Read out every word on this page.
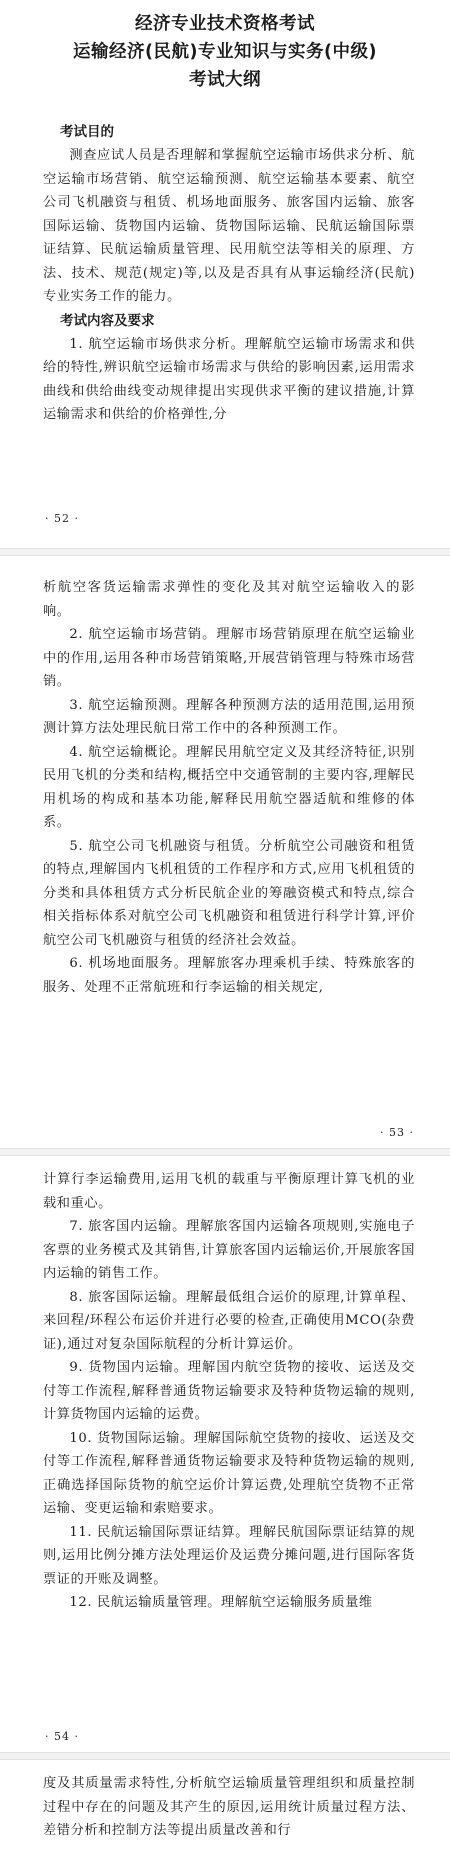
经济专业技术资格考试
运输经济(民航)专业知识与实务(中级)
考试大纲

考试目的

测查应试人员是否理解和掌握航空运输市场供求分析、航空运输市场营销、航空运输预测、航空运输基本要素、航空公司飞机融资与租赁、机场地面服务、旅客国内运输、旅客国际运输、货物国内运输、货物国际运输、民航运输国际票证结算、民航运输质量管理、民用航空法等相关的原理、方法、技术、规范(规定)等,以及是否具有从事运输经济(民航)专业实务工作的能力。

考试内容及要求

1. 航空运输市场供求分析。理解航空运输市场需求和供给的特性,辨识航空运输市场需求与供给的影响因素,运用需求曲线和供给曲线变动规律提出实现供求平衡的建议措施,计算运输需求和供给的价格弹性,分

· 52 ·

析航空客货运输需求弹性的变化及其对航空运输收入的影响。

2. 航空运输市场营销。理解市场营销原理在航空运输业中的作用,运用各种市场营销策略,开展营销管理与特殊市场营销。

3. 航空运输预测。理解各种预测方法的适用范围,运用预测计算方法处理民航日常工作中的各种预测工作。

4. 航空运输概论。理解民用航空定义及其经济特征,识别民用飞机的分类和结构,概括空中交通管制的主要内容,理解民用机场的构成和基本功能,解释民用航空器适航和维修的体系。

5. 航空公司飞机融资与租赁。分析航空公司融资和租赁的特点,理解国内飞机租赁的工作程序和方式,应用飞机租赁的分类和具体租赁方式分析民航企业的筹融资模式和特点,综合相关指标体系对航空公司飞机融资和租赁进行科学计算,评价航空公司飞机融资与租赁的经济社会效益。

6. 机场地面服务。理解旅客办理乘机手续、特殊旅客的服务、处理不正常航班和行李运输的相关规定,

· 53 ·

计算行李运输费用,运用飞机的载重与平衡原理计算飞机的业载和重心。

7. 旅客国内运输。理解旅客国内运输各项规则,实施电子客票的业务模式及其销售,计算旅客国内运输运价,开展旅客国内运输的销售工作。

8. 旅客国际运输。理解最低组合运价的原理,计算单程、来回程/环程公布运价并进行必要的检查,正确使用MCO(杂费证),通过对复杂国际航程的分析计算运价。

9. 货物国内运输。理解国内航空货物的接收、运送及交付等工作流程,解释普通货物运输要求及特种货物运输的规则,计算货物国内运输的运费。

10. 货物国际运输。理解国际航空货物的接收、运送及交付等工作流程,解释普通货物运输要求及特种货物运输的规则,正确选择国际货物的航空运价计算运费,处理航空货物不正常运输、变更运输和索赔要求。

11. 民航运输国际票证结算。理解民航国际票证结算的规则,运用比例分摊方法处理运价及运费分摊问题,进行国际客货票证的开账及调整。

12. 民航运输质量管理。理解航空运输服务质量维

· 54 ·

度及其质量需求特性,分析航空运输质量管理组织和质量控制过程中存在的问题及其产生的原因,运用统计质量过程方法、差错分析和控制方法等提出质量改善和行
